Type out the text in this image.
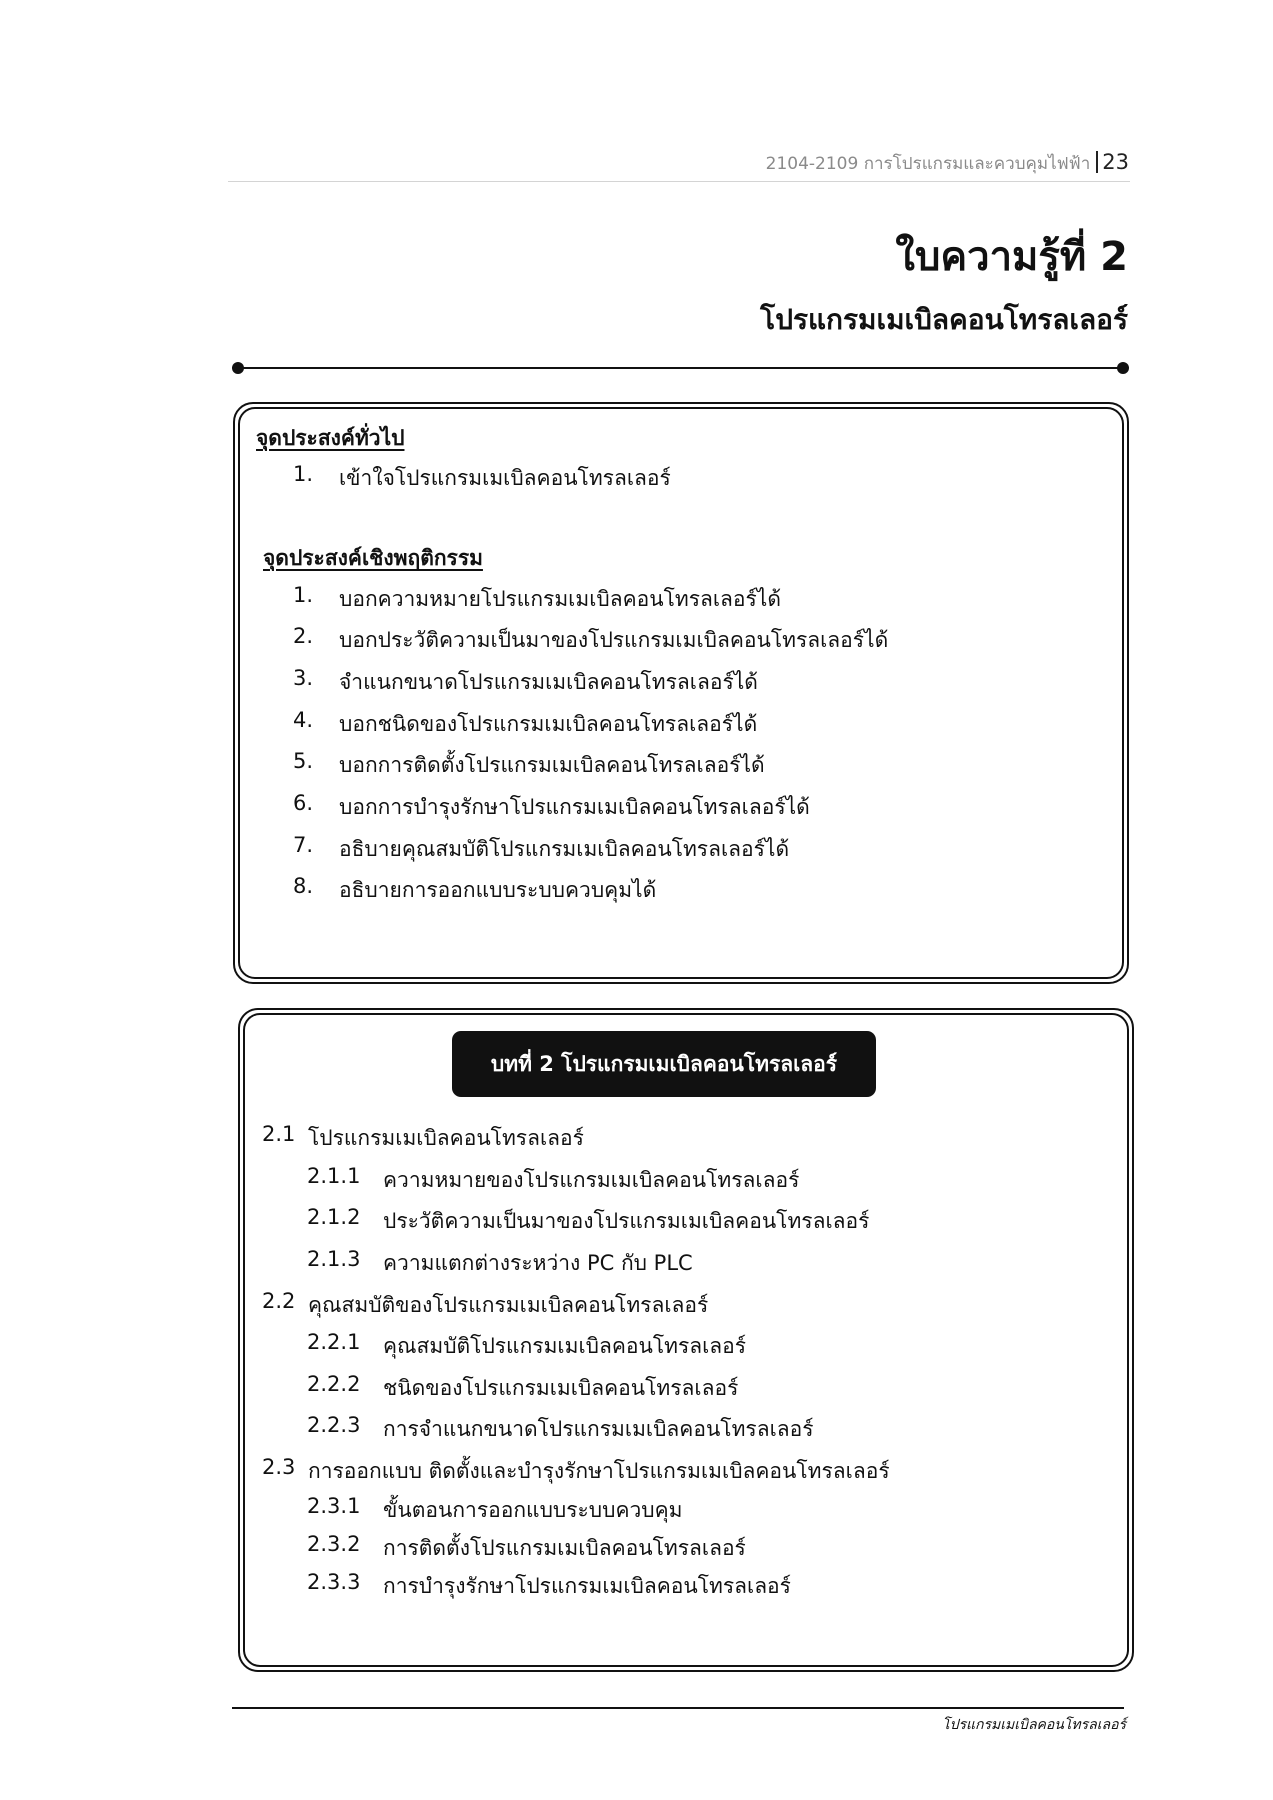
2104-2109 การโปรแกรมและควบคุมไฟฟ้า 23
ใบความรู้ที่ 2
โปรแกรมเมเบิลคอนโทรลเลอร์
จุดประสงค์ทั่วไป
1. เข้าใจโปรแกรมเมเบิลคอนโทรลเลอร์
จุดประสงค์เชิงพฤติกรรม
1. บอกความหมายโปรแกรมเมเบิลคอนโทรลเลอร์ได้
2. บอกประวัติความเป็นมาของโปรแกรมเมเบิลคอนโทรลเลอร์ได้
3. จำแนกขนาดโปรแกรมเมเบิลคอนโทรลเลอร์ได้
4. บอกชนิดของโปรแกรมเมเบิลคอนโทรลเลอร์ได้
5. บอกการติดตั้งโปรแกรมเมเบิลคอนโทรลเลอร์ได้
6. บอกการบำรุงรักษาโปรแกรมเมเบิลคอนโทรลเลอร์ได้
7. อธิบายคุณสมบัติโปรแกรมเมเบิลคอนโทรลเลอร์ได้
8. อธิบายการออกแบบระบบควบคุมได้
บทที่ 2 โปรแกรมเมเบิลคอนโทรลเลอร์
2.1 โปรแกรมเมเบิลคอนโทรลเลอร์
2.1.1 ความหมายของโปรแกรมเมเบิลคอนโทรลเลอร์
2.1.2 ประวัติความเป็นมาของโปรแกรมเมเบิลคอนโทรลเลอร์
2.1.3 ความแตกต่างระหว่าง PC กับ PLC
2.2 คุณสมบัติของโปรแกรมเมเบิลคอนโทรลเลอร์
2.2.1 คุณสมบัติโปรแกรมเมเบิลคอนโทรลเลอร์
2.2.2 ชนิดของโปรแกรมเมเบิลคอนโทรลเลอร์
2.2.3 การจำแนกขนาดโปรแกรมเมเบิลคอนโทรลเลอร์
2.3 การออกแบบ ติดตั้งและบำรุงรักษาโปรแกรมเมเบิลคอนโทรลเลอร์
2.3.1 ขั้นตอนการออกแบบระบบควบคุม
2.3.2 การติดตั้งโปรแกรมเมเบิลคอนโทรลเลอร์
2.3.3 การบำรุงรักษาโปรแกรมเมเบิลคอนโทรลเลอร์
โปรแกรมเมเบิลคอนโทรลเลอร์
